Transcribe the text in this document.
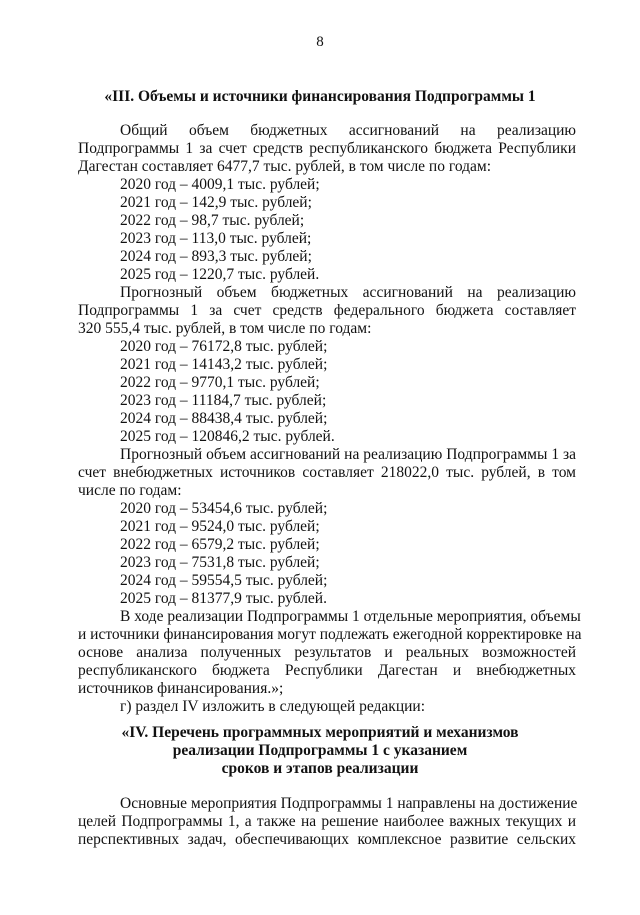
8
«III. Объемы и источники финансирования Подпрограммы 1
Общий объем бюджетных ассигнований на реализацию
Подпрограммы 1 за счет средств республиканского бюджета Республики
Дагестан составляет 6477,7 тыс. рублей, в том числе по годам:
2020 год – 4009,1 тыс. рублей;
2021 год – 142,9 тыс. рублей;
2022 год – 98,7 тыс. рублей;
2023 год – 113,0 тыс. рублей;
2024 год – 893,3 тыс. рублей;
2025 год – 1220,7 тыс. рублей.
Прогнозный объем бюджетных ассигнований на реализацию
Подпрограммы 1 за счет средств федерального бюджета составляет
320 555,4 тыс. рублей, в том числе по годам:
2020 год – 76172,8 тыс. рублей;
2021 год – 14143,2 тыс. рублей;
2022 год – 9770,1 тыс. рублей;
2023 год – 11184,7 тыс. рублей;
2024 год – 88438,4 тыс. рублей;
2025 год – 120846,2 тыс. рублей.
Прогнозный объем ассигнований на реализацию Подпрограммы 1 за
счет внебюджетных источников составляет 218022,0 тыс. рублей, в том
числе по годам:
2020 год – 53454,6 тыс. рублей;
2021 год – 9524,0 тыс. рублей;
2022 год – 6579,2 тыс. рублей;
2023 год – 7531,8 тыс. рублей;
2024 год – 59554,5 тыс. рублей;
2025 год – 81377,9 тыс. рублей.
В ходе реализации Подпрограммы 1 отдельные мероприятия, объемы
и источники финансирования могут подлежать ежегодной корректировке на
основе анализа полученных результатов и реальных возможностей
республиканского бюджета Республики Дагестан и внебюджетных
источников финансирования.»;
г) раздел IV изложить в следующей редакции:
«IV. Перечень программных мероприятий и механизмов
реализации Подпрограммы 1 с указанием
сроков и этапов реализации
Основные мероприятия Подпрограммы 1 направлены на достижение
целей Подпрограммы 1, а также на решение наиболее важных текущих и
перспективных задач, обеспечивающих комплексное развитие сельских
